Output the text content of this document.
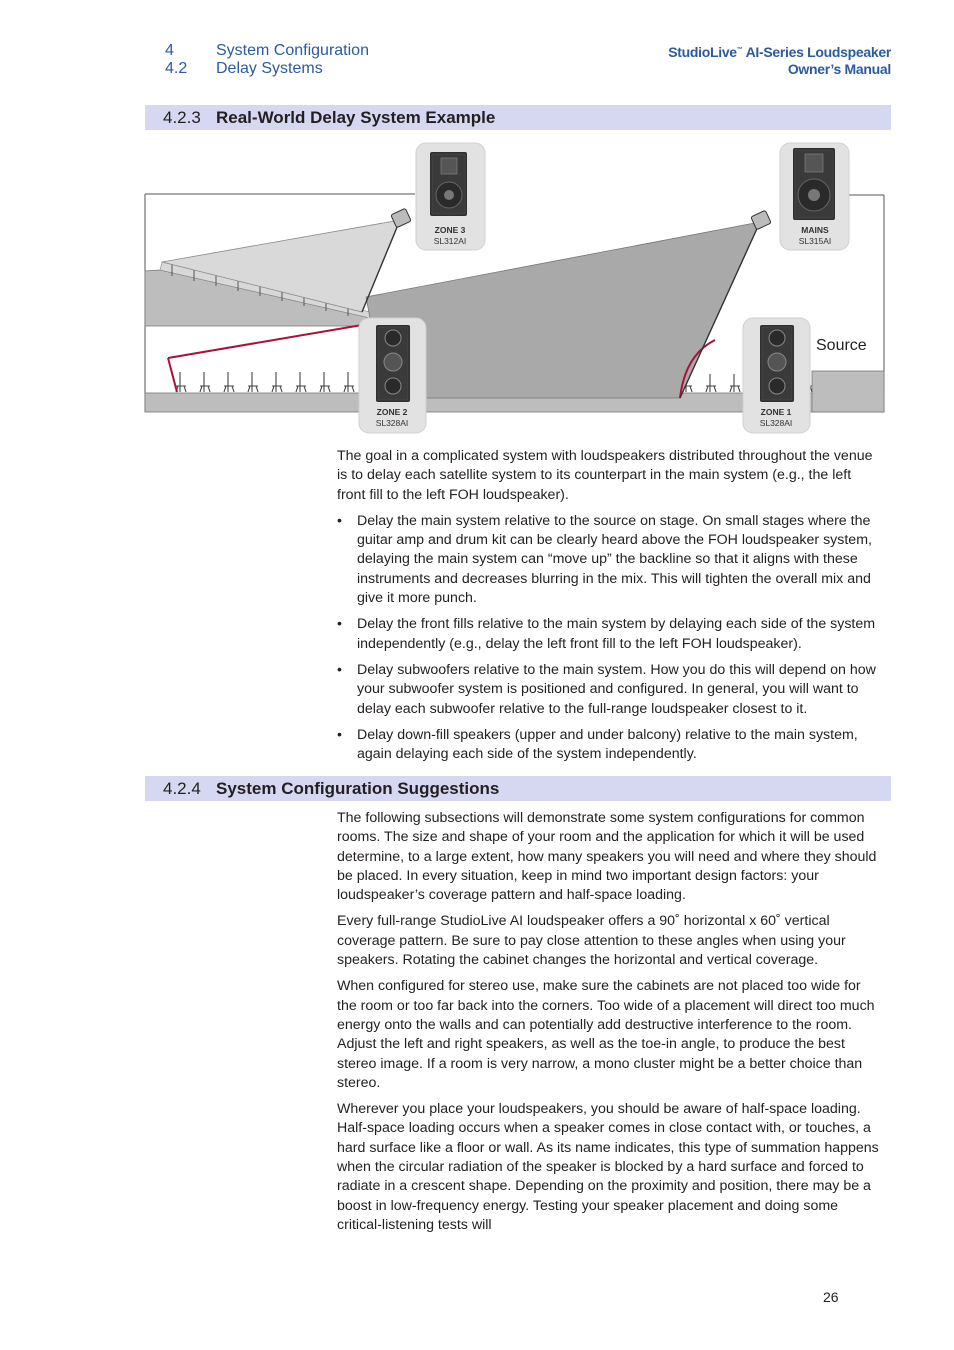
4	System Configuration
4.2	Delay Systems
StudioLive™ AI-Series Loudspeaker
Owner’s Manual
4.2.3 Real-World Delay System Example
ZONE 3
SL312AI
MAINS
SL315AI
ZONE 2
SL328AI
ZONE 1
SL328AI
Source

The goal in a complicated system with loudspeakers distributed throughout the venue is to delay each satellite system to its counterpart in the main system (e.g., the left front fill to the left FOH loudspeaker).

• Delay the main system relative to the source on stage. On small stages where the guitar amp and drum kit can be clearly heard above the FOH loudspeaker system, delaying the main system can “move up” the backline so that it aligns with these instruments and decreases blurring in the mix. This will tighten the overall mix and give it more punch.
• Delay the front fills relative to the main system by delaying each side of the system independently (e.g., delay the left front fill to the left FOH loudspeaker).
• Delay subwoofers relative to the main system. How you do this will depend on how your subwoofer system is positioned and configured. In general, you will want to delay each subwoofer relative to the full-range loudspeaker closest to it.
• Delay down-fill speakers (upper and under balcony) relative to the main system, again delaying each side of the system independently.
4.2.4 System Configuration Suggestions

The following subsections will demonstrate some system configurations for common rooms. The size and shape of your room and the application for which it will be used determine, to a large extent, how many speakers you will need and where they should be placed. In every situation, keep in mind two important design factors: your loudspeaker’s coverage pattern and half-space loading.

Every full-range StudioLive AI loudspeaker offers a 90˚ horizontal x 60˚ vertical coverage pattern. Be sure to pay close attention to these angles when using your speakers. Rotating the cabinet changes the horizontal and vertical coverage.

When configured for stereo use, make sure the cabinets are not placed too wide for the room or too far back into the corners. Too wide of a placement will direct too much energy onto the walls and can potentially add destructive interference to the room. Adjust the left and right speakers, as well as the toe-in angle, to produce the best stereo image. If a room is very narrow, a mono cluster might be a better choice than stereo.

Wherever you place your loudspeakers, you should be aware of half-space loading. Half-space loading occurs when a speaker comes in close contact with, or touches, a hard surface like a floor or wall. As its name indicates, this type of summation happens when the circular radiation of the speaker is blocked by a hard surface and forced to radiate in a crescent shape. Depending on the proximity and position, there may be a boost in low-frequency energy. Testing your speaker placement and doing some critical-listening tests will

26
